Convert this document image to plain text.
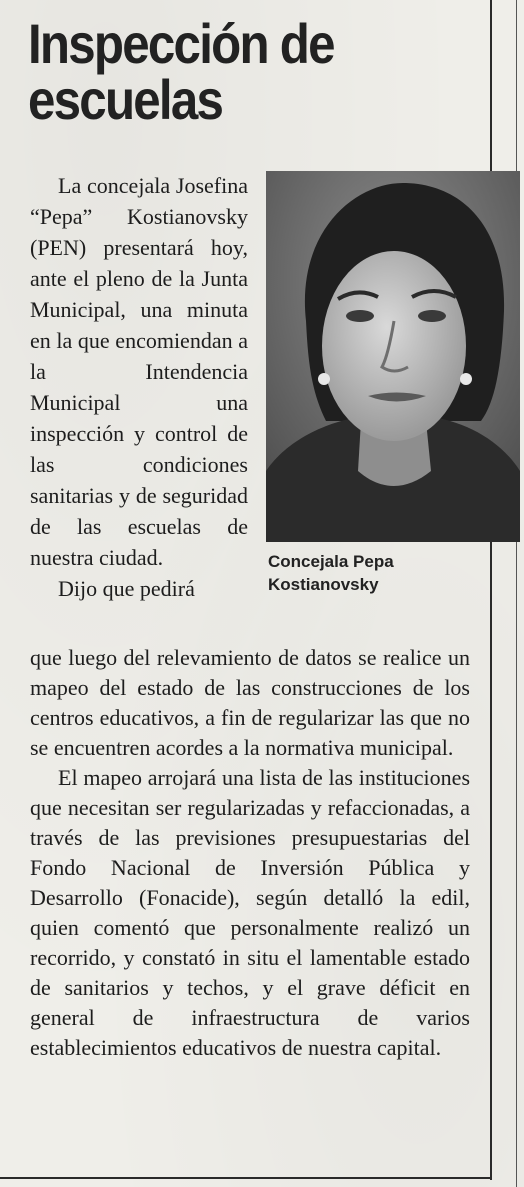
Inspección de
escuelas

La concejala Josefina “Pepa” Kostianovsky (PEN) presentará hoy, ante el pleno de la Junta Municipal, una minuta en la que encomiendan a la Intendencia Municipal una inspección y control de las condiciones sanitarias y de seguridad de las escuelas de nuestra ciudad.

Dijo que pedirá

Concejala Pepa
Kostianovsky

que luego del relevamiento de datos se realice un mapeo del estado de las construcciones de los centros educativos, a fin de regularizar las que no se encuentren acordes a la normativa municipal.

El mapeo arrojará una lista de las instituciones que necesitan ser regularizadas y refaccionadas, a través de las previsiones presupuestarias del Fondo Nacional de Inversión Pública y Desarrollo (Fonacide), según detalló la edil, quien comentó que personalmente realizó un recorrido, y constató in situ el lamentable estado de sanitarios y techos, y el grave déficit en general de infraestructura de varios establecimientos educativos de nuestra capital.
